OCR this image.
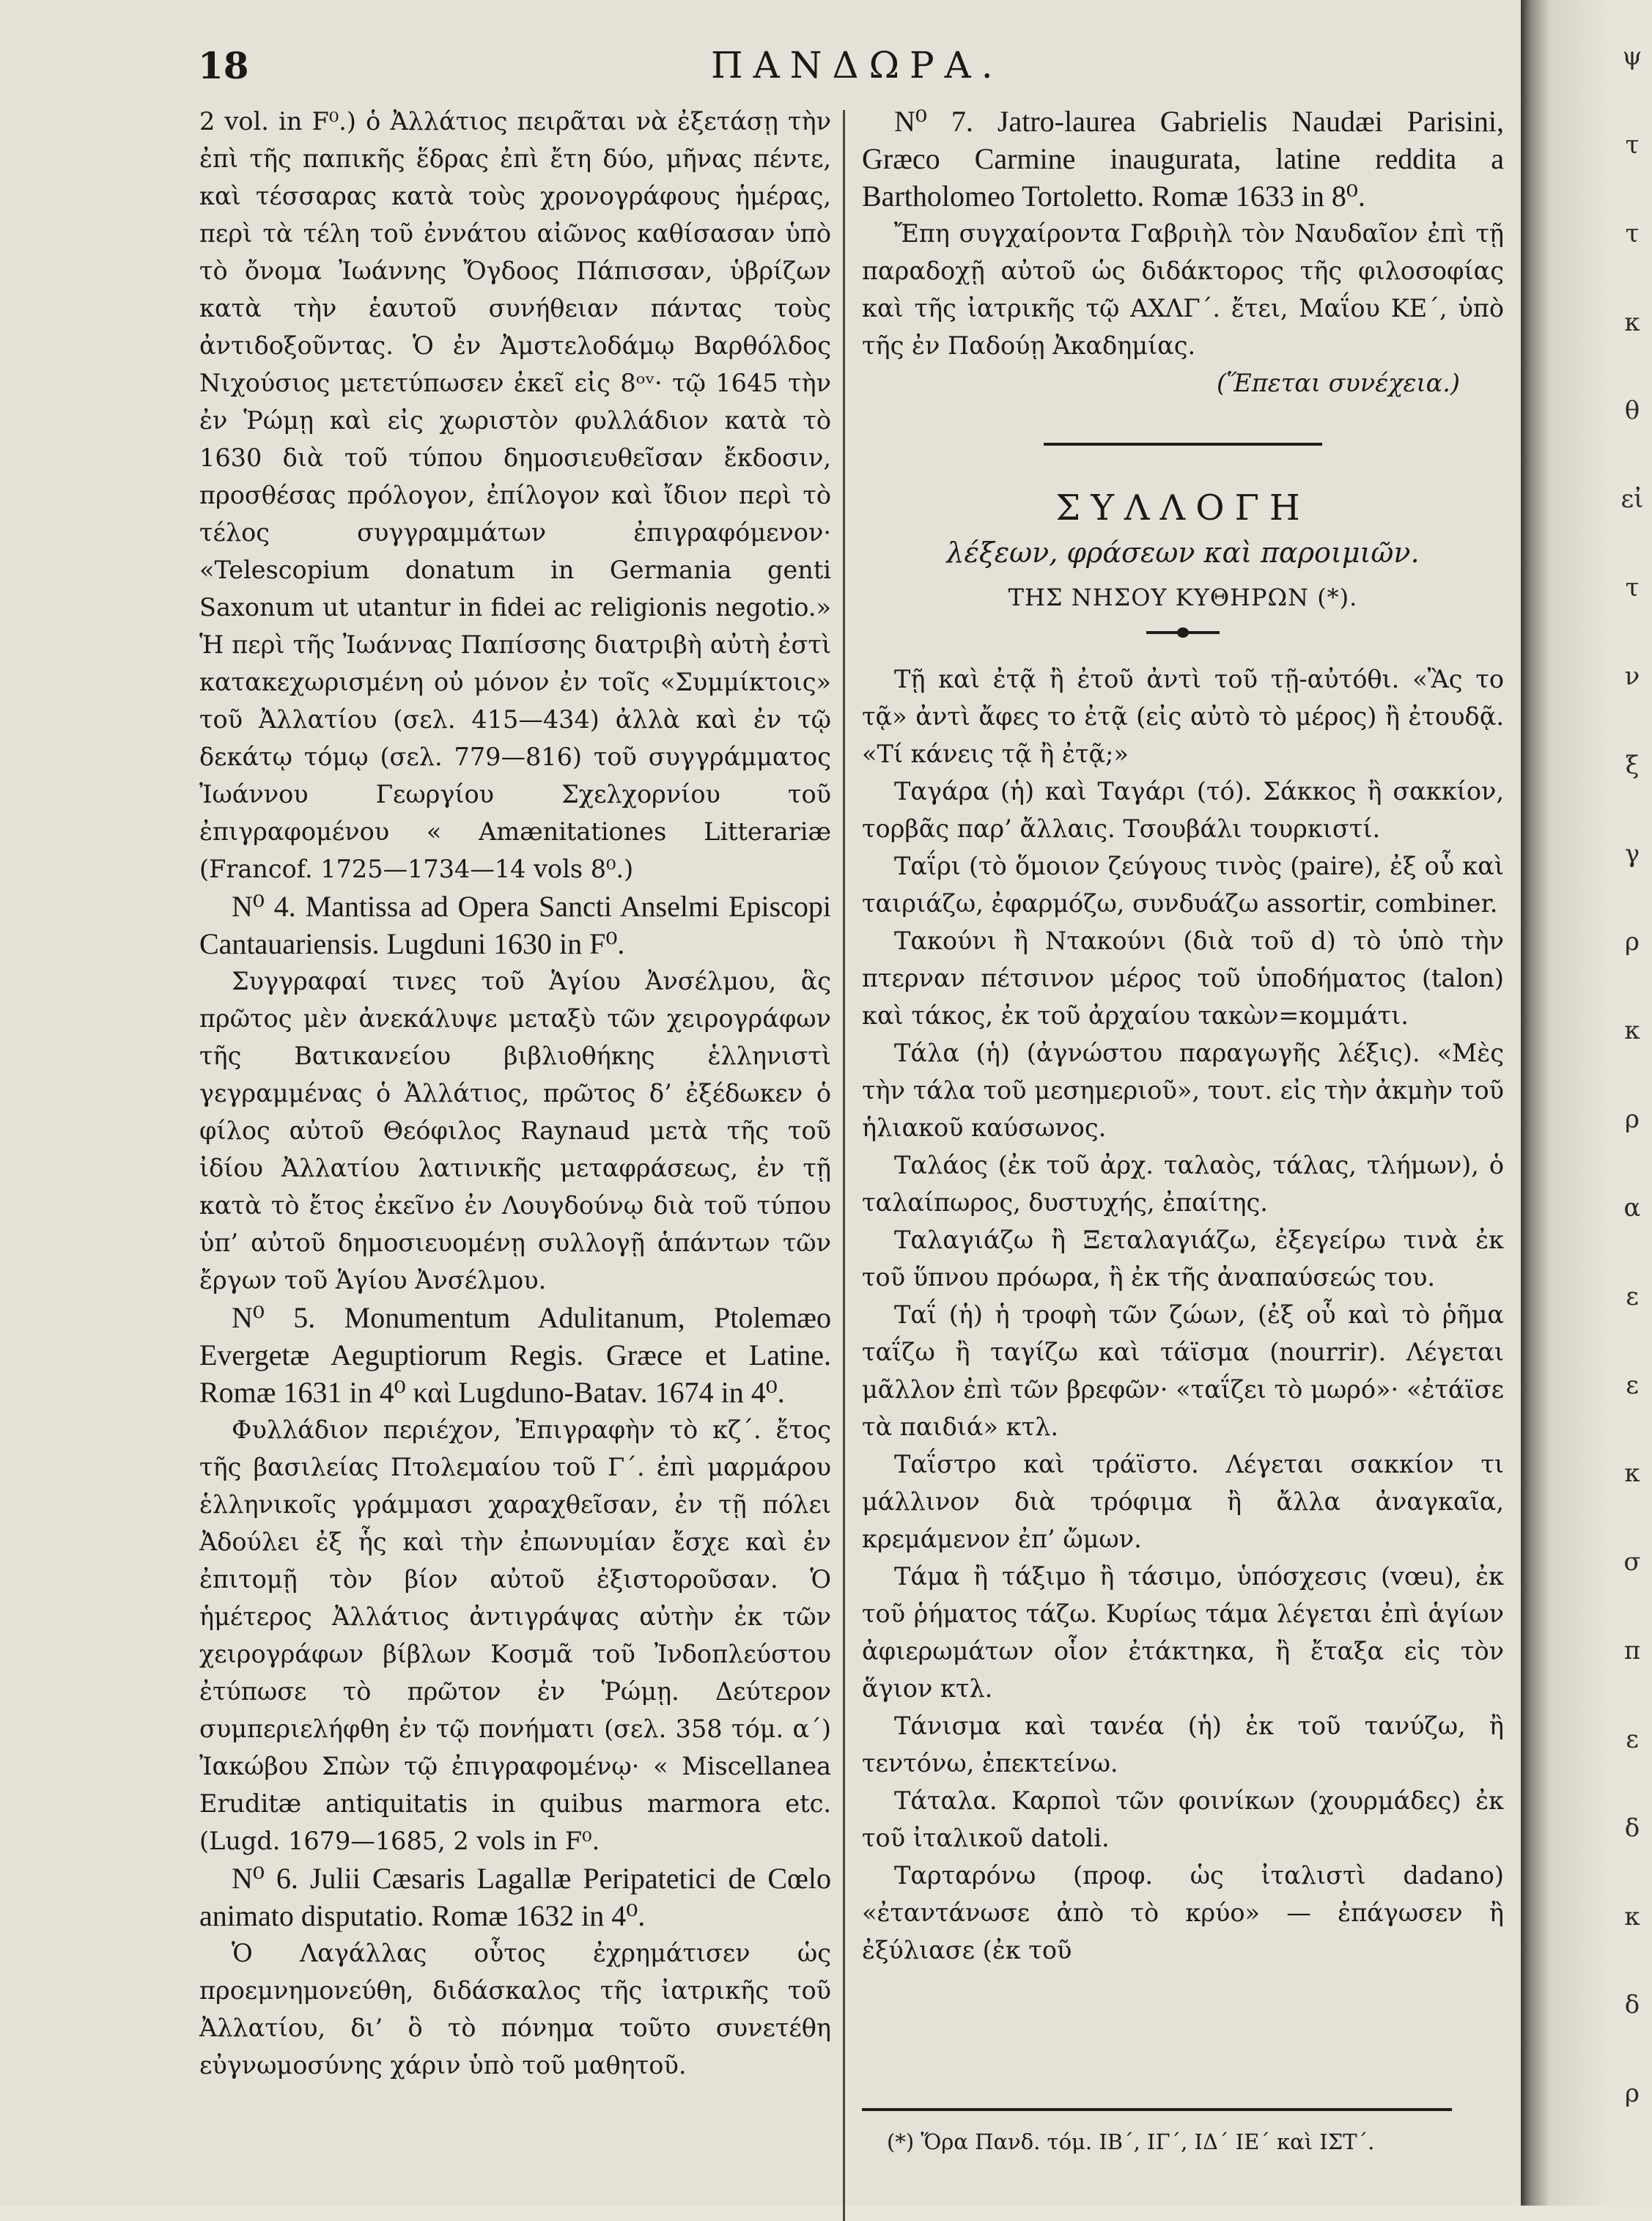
18	ΠΑΝΔΩΡΑ.

2 vol. in F⁰.) ὁ Ἀλλάτιος πειρᾶται νὰ ἐξετάσῃ τὴν ἐπὶ τῆς παπικῆς ἕδρας ἐπὶ ἔτη δύο, μῆνας πέντε, καὶ τέσσαρας κατὰ τοὺς χρονογράφους ἡμέρας, περὶ τὰ τέλη τοῦ ἐννάτου αἰῶνος καθίσασαν ὑπὸ τὸ ὄνομα Ἰωάννης Ὄγδοος Πάπισσαν, ὑβρίζων κατὰ τὴν ἑαυτοῦ συνήθειαν πάντας τοὺς ἀντιδοξοῦντας. Ὁ ἐν Ἀμστελοδάμῳ Βαρθόλδος Νιχούσιος μετετύπωσεν ἐκεῖ εἰς 8ᵒᵛ· τῷ 1645 τὴν ἐν Ῥώμῃ καὶ εἰς χωριστὸν φυλλάδιον κατὰ τὸ 1630 διὰ τοῦ τύπου δημοσιευθεῖσαν ἔκδοσιν, προσθέσας πρόλογον, ἐπίλογον καὶ ἴδιον περὶ τὸ τέλος συγγραμμάτων ἐπιγραφόμενον· «Telescopium donatum in Germania genti Saxonum ut utantur in fidei ac religionis negotio.» Ἡ περὶ τῆς Ἰωάννας Παπίσσης διατριβὴ αὐτὴ ἐστὶ κατακεχωρισμένη οὐ μόνον ἐν τοῖς «Συμμίκτοις» τοῦ Ἀλλατίου (σελ. 415—434) ἀλλὰ καὶ ἐν τῷ δεκάτῳ τόμῳ (σελ. 779—816) τοῦ συγγράμματος Ἰωάννου Γεωργίου Σχελχορνίου τοῦ ἐπιγραφομένου « Amænitationes Litterariæ (Francof. 1725—1734—14 vols 8⁰.)

N⁰ 4. Mantissa ad Opera Sancti Anselmi Episcopi Cantauariensis. Lugduni 1630 in F⁰.

Συγγραφαί τινες τοῦ Ἁγίου Ἀνσέλμου, ἃς πρῶτος μὲν ἀνεκάλυψε μεταξὺ τῶν χειρογράφων τῆς Βατικανείου βιβλιοθήκης ἑλληνιστὶ γεγραμμένας ὁ Ἀλλάτιος, πρῶτος δ’ ἐξέδωκεν ὁ φίλος αὐτοῦ Θεόφιλος Raynaud μετὰ τῆς τοῦ ἰδίου Ἀλλατίου λατινικῆς μεταφράσεως, ἐν τῇ κατὰ τὸ ἔτος ἐκεῖνο ἐν Λουγδούνῳ διὰ τοῦ τύπου ὑπ’ αὐτοῦ δημοσιευομένῃ συλλογῇ ἁπάντων τῶν ἔργων τοῦ Ἁγίου Ἀνσέλμου.

N⁰ 5. Monumentum Adulitanum, Ptolemæo Evergetæ Aeguptiorum Regis. Græce et Latine. Romæ 1631 in 4⁰ καὶ Lugduno-Batav. 1674 in 4⁰.

Φυλλάδιον περιέχον, Ἐπιγραφὴν τὸ κζ΄. ἔτος τῆς βασιλείας Πτολεμαίου τοῦ Γ΄. ἐπὶ μαρμάρου ἑλληνικοῖς γράμμασι χαραχθεῖσαν, ἐν τῇ πόλει Ἀδούλει ἐξ ἧς καὶ τὴν ἐπωνυμίαν ἔσχε καὶ ἐν ἐπιτομῇ τὸν βίον αὐτοῦ ἐξιστοροῦσαν. Ὁ ἡμέτερος Ἀλλάτιος ἀντιγράψας αὐτὴν ἐκ τῶν χειρογράφων βίβλων Κοσμᾶ τοῦ Ἰνδοπλεύστου ἐτύπωσε τὸ πρῶτον ἐν Ῥώμῃ. Δεύτερον συμπεριελήφθη ἐν τῷ πονήματι (σελ. 358 τόμ. α΄) Ἰακώβου Σπὼν τῷ ἐπιγραφομένῳ· « Miscellanea Eruditæ antiquitatis in quibus marmora etc. (Lugd. 1679—1685, 2 vols in F⁰.

N⁰ 6. Julii Cæsaris Lagallæ Peripatetici de Cœlo animato disputatio. Romæ 1632 in 4⁰.

Ὁ Λαγάλλας οὗτος ἐχρημάτισεν ὡς προεμνημονεύθη, διδάσκαλος τῆς ἰατρικῆς τοῦ Ἀλλατίου, δι’ ὃ τὸ πόνημα τοῦτο συνετέθη εὐγνωμοσύνης χάριν ὑπὸ τοῦ μαθητοῦ.

N⁰ 7. Jatro-laurea Gabrielis Naudæi Parisini, Græco Carmine inaugurata, latine reddita a Bartholomeo Tortoletto. Romæ 1633 in 8⁰.

Ἔπη συγχαίροντα Γαβριὴλ τὸν Ναυδαῖον ἐπὶ τῇ παραδοχῇ αὐτοῦ ὡς διδάκτορος τῆς φιλοσοφίας καὶ τῆς ἰατρικῆς τῷ ΑΧΛΓ΄. ἔτει, Μαΐου ΚΕ΄, ὑπὸ τῆς ἐν Παδούῃ Ἀκαδημίας.

(Ἕπεται συνέχεια.)

ΣΥΛΛΟΓΗ

λέξεων, φράσεων καὶ παροιμιῶν.

ΤΗΣ ΝΗΣΟΥ ΚΥΘΗΡΩΝ (*).

Τῇ καὶ ἐτᾷ ἢ ἐτοῦ ἀντὶ τοῦ τῇ-αὐτόθι. «Ἂς το τᾷ» ἀντὶ ἄφες το ἐτᾷ (εἰς αὐτὸ τὸ μέρος) ἢ ἐτουδᾷ. «Τί κάνεις τᾷ ἢ ἐτᾷ;»

Ταγάρα (ἡ) καὶ Ταγάρι (τό). Σάκκος ἢ σακκίον, τορβᾶς παρ’ ἄλλαις. Τσουβάλι τουρκιστί.

Ταΐρι (τὸ ὅμοιον ζεύγους τινὸς (paire), ἐξ οὗ καὶ ταιριάζω, ἐφαρμόζω, συνδυάζω assortir, combiner.

Τακούνι ἢ Ντακούνι (διὰ τοῦ d) τὸ ὑπὸ τὴν πτερναν πέτσινον μέρος τοῦ ὑποδήματος (talon) καὶ τάκος, ἐκ τοῦ ἀρχαίου τακὼν=κομμάτι.

Τάλα (ἡ) (ἀγνώστου παραγωγῆς λέξις). «Μὲς τὴν τάλα τοῦ μεσημεριοῦ», τουτ. εἰς τὴν ἀκμὴν τοῦ ἡλιακοῦ καύσωνος.

Ταλάος (ἐκ τοῦ ἀρχ. ταλαὸς, τάλας, τλήμων), ὁ ταλαίπωρος, δυστυχής, ἐπαίτης.

Ταλαγιάζω ἢ Ξεταλαγιάζω, ἐξεγείρω τινὰ ἐκ τοῦ ὕπνου πρόωρα, ἢ ἐκ τῆς ἀναπαύσεώς του.

Ταΐ (ἡ) ἡ τροφὴ τῶν ζώων, (ἐξ οὗ καὶ τὸ ῥῆμα ταΐζω ἢ ταγίζω καὶ τάϊσμα (nourrir). Λέγεται μᾶλλον ἐπὶ τῶν βρεφῶν· «ταΐζει τὸ μωρό»· «ἐτάϊσε τὰ παιδιά» κτλ.

Ταΐστρο καὶ τράϊστο. Λέγεται σακκίον τι μάλλινον διὰ τρόφιμα ἢ ἄλλα ἀναγκαῖα, κρεμάμενον ἐπ’ ὤμων.

Τάμα ἢ τάξιμο ἢ τάσιμο, ὑπόσχεσις (vœu), ἐκ τοῦ ῥήματος τάζω. Κυρίως τάμα λέγεται ἐπὶ ἁγίων ἀφιερωμάτων οἷον ἐτάκτηκα, ἢ ἔταξα εἰς τὸν ἅγιον κτλ.

Τάνισμα καὶ τανέα (ἡ) ἐκ τοῦ τανύζω, ἢ τεντόνω, ἐπεκτείνω.

Τάταλα. Καρποὶ τῶν φοινίκων (χουρμάδες) ἐκ τοῦ ἰταλικοῦ datoli.

Ταρταρόνω (προφ. ὡς ἰταλιστὶ dadano) «ἐταντάνωσε ἀπὸ τὸ κρύο» — ἐπάγωσεν ἢ ἐξύλιασε (ἐκ τοῦ

(*) Ὅρα Πανδ. τόμ. ΙΒ΄, ΙΓ΄, ΙΔ΄ ΙΕ΄ καὶ ΙΣΤ΄.
ψ
τ
τ
κ
θ
εἰ
τ
ν
ξ
γ
ρ
κ
ρ
α
ε
ε
κ
σ
π
ε
δ
κ
δ
ρ
